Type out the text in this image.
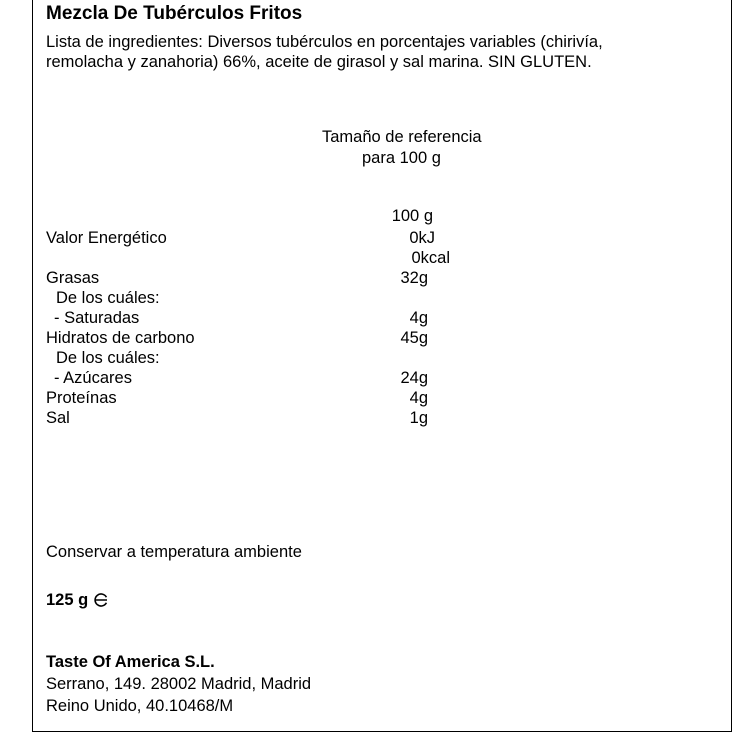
Mezcla De Tubérculos Fritos
Lista de ingredientes: Diversos tubérculos en porcentajes variables (chirivía,
remolacha y zanahoria) 66%, aceite de girasol y sal marina. SIN GLUTEN.
Tamaño de referencia
para 100 g
100 g
Valor Energético	0kJ
0kcal
Grasas	32g
De los cuáles:
- Saturadas	4g
Hidratos de carbono	45g
De los cuáles:
- Azúcares	24g
Proteínas	4g
Sal	1g
Conservar a temperatura ambiente
125 g
Taste Of America S.L.
Serrano, 149. 28002 Madrid, Madrid
Reino Unido, 40.10468/M
